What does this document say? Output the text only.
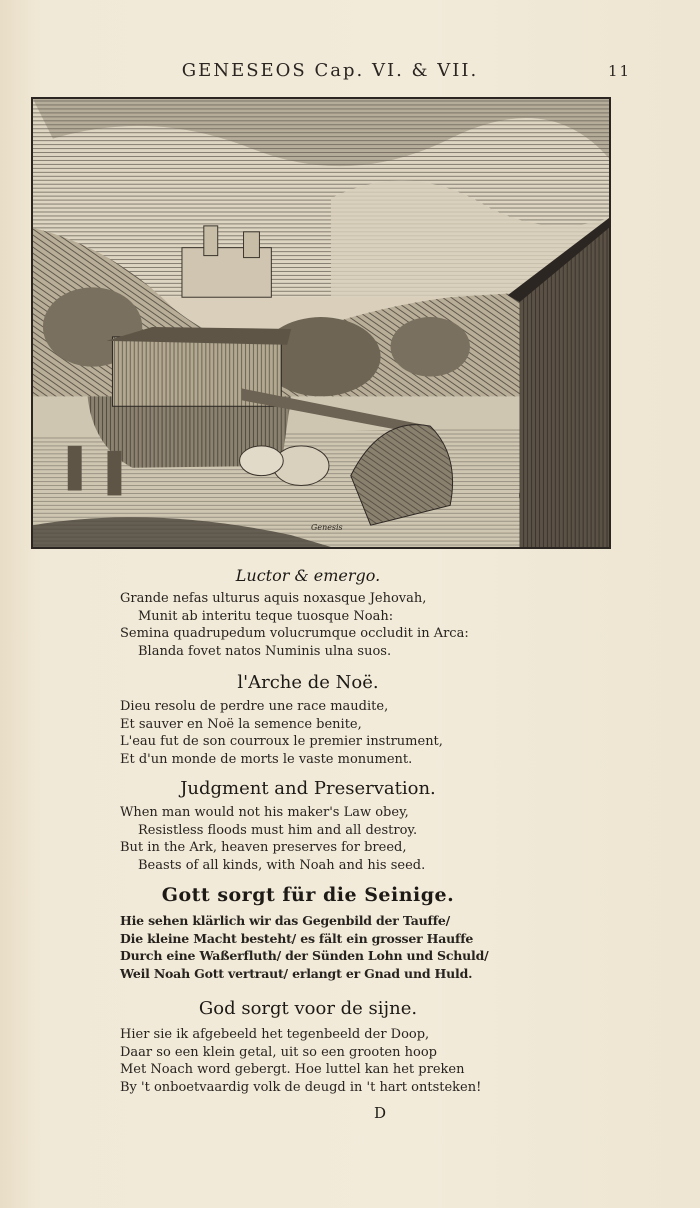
GENESEOS Cap. VI. & VII.	11
Genesis
Luctor & emergo.
Grande nefas ulturus aquis noxasque Jehovah,
Munit ab interitu teque tuosque Noah:
Semina quadrupedum volucrumque occludit in Arca:
Blanda fovet natos Numinis ulna suos.
l'Arche de Noë.
Dieu resolu de perdre une race maudite,
Et sauver en Noë la semence benite,
L'eau fut de son courroux le premier instrument,
Et d'un monde de morts le vaste monument.
Judgment and Preservation.
When man would not his maker's Law obey,
Resistless floods must him and all destroy.
But in the Ark, heaven preserves for breed,
Beasts of all kinds, with Noah and his seed.
Gott sorgt für die Seinige.
Hie sehen klärlich wir das Gegenbild der Tauffe/
Die kleine Macht besteht/ es fält ein grosser Hauffe
Durch eine Waßerfluth/ der Sünden Lohn und Schuld/
Weil Noah Gott vertraut/ erlangt er Gnad und Huld.
God sorgt voor de sijne.
Hier sie ik afgebeeld het tegenbeeld der Doop,
Daar so een klein getal, uit so een grooten hoop
Met Noach word gebergt. Hoe luttel kan het preken
By 't onboetvaardig volk de deugd in 't hart ontsteken!
D
